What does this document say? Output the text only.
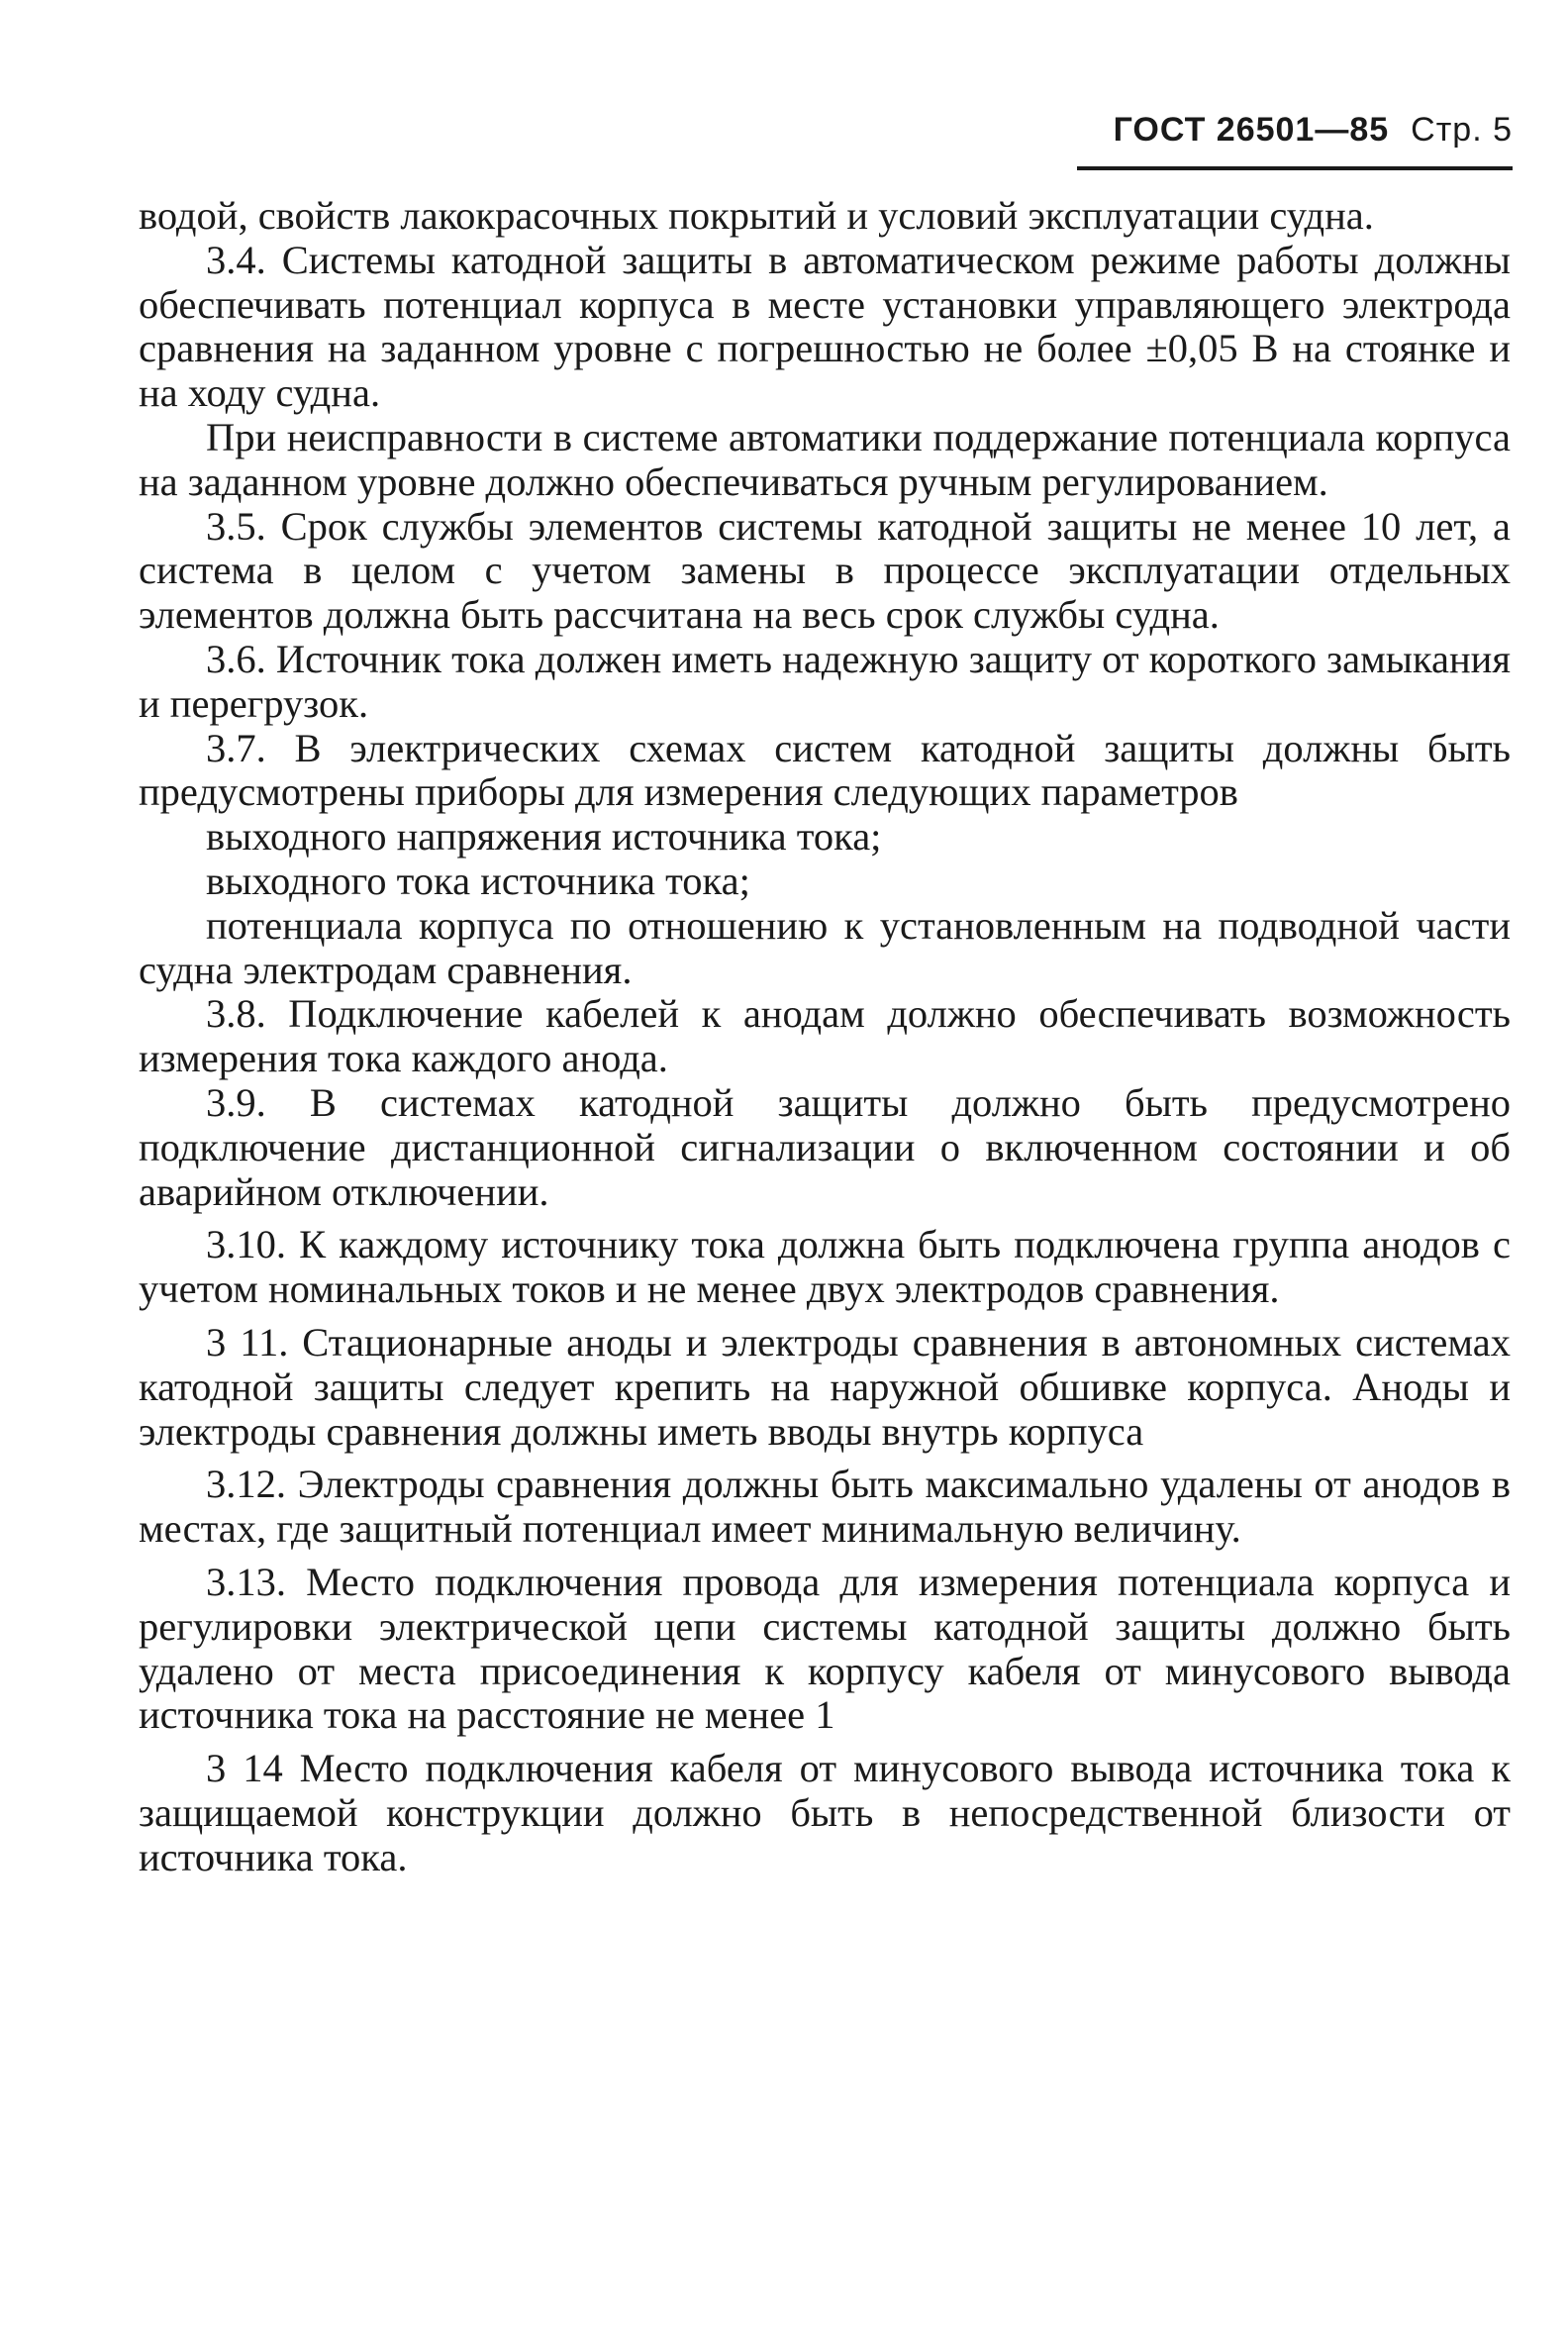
ГОСТ 26501—85 Стр. 5

водой, свойств лакокрасочных покрытий и условий эксплуатации судна.

3.4. Системы катодной защиты в автоматическом режиме работы должны обеспечивать потенциал корпуса в месте установки управляющего электрода сравнения на заданном уровне с погрешностью не более ±0,05 В на стоянке и на ходу судна.

При неисправности в системе автоматики поддержание потенциала корпуса на заданном уровне должно обеспечиваться ручным регулированием.

3.5. Срок службы элементов системы катодной защиты не менее 10 лет, а система в целом с учетом замены в процессе эксплуатации отдельных элементов должна быть рассчитана на весь срок службы судна.

3.6. Источник тока должен иметь надежную защиту от короткого замыкания и перегрузок.

3.7. В электрических схемах систем катодной защиты должны быть предусмотрены приборы для измерения следующих параметров

выходного напряжения источника тока;

выходного тока источника тока;

потенциала корпуса по отношению к установленным на подводной части судна электродам сравнения.

3.8. Подключение кабелей к анодам должно обеспечивать возможность измерения тока каждого анода.

3.9. В системах катодной защиты должно быть предусмотрено подключение дистанционной сигнализации о включенном состоянии и об аварийном отключении.

3.10. К каждому источнику тока должна быть подключена группа анодов с учетом номинальных токов и не менее двух электродов сравнения.

3 11. Стационарные аноды и электроды сравнения в автономных системах катодной защиты следует крепить на наружной обшивке корпуса. Аноды и электроды сравнения должны иметь вводы внутрь корпуса

3.12. Электроды сравнения должны быть максимально удалены от анодов в местах, где защитный потенциал имеет минимальную величину.

3.13. Место подключения провода для измерения потенциала корпуса и регулировки электрической цепи системы катодной защиты должно быть удалено от места присоединения к корпусу кабеля от минусового вывода источника тока на расстояние не менее 1

3 14 Место подключения кабеля от минусового вывода источника тока к защищаемой конструкции должно быть в непосредственной близости от источника тока.
